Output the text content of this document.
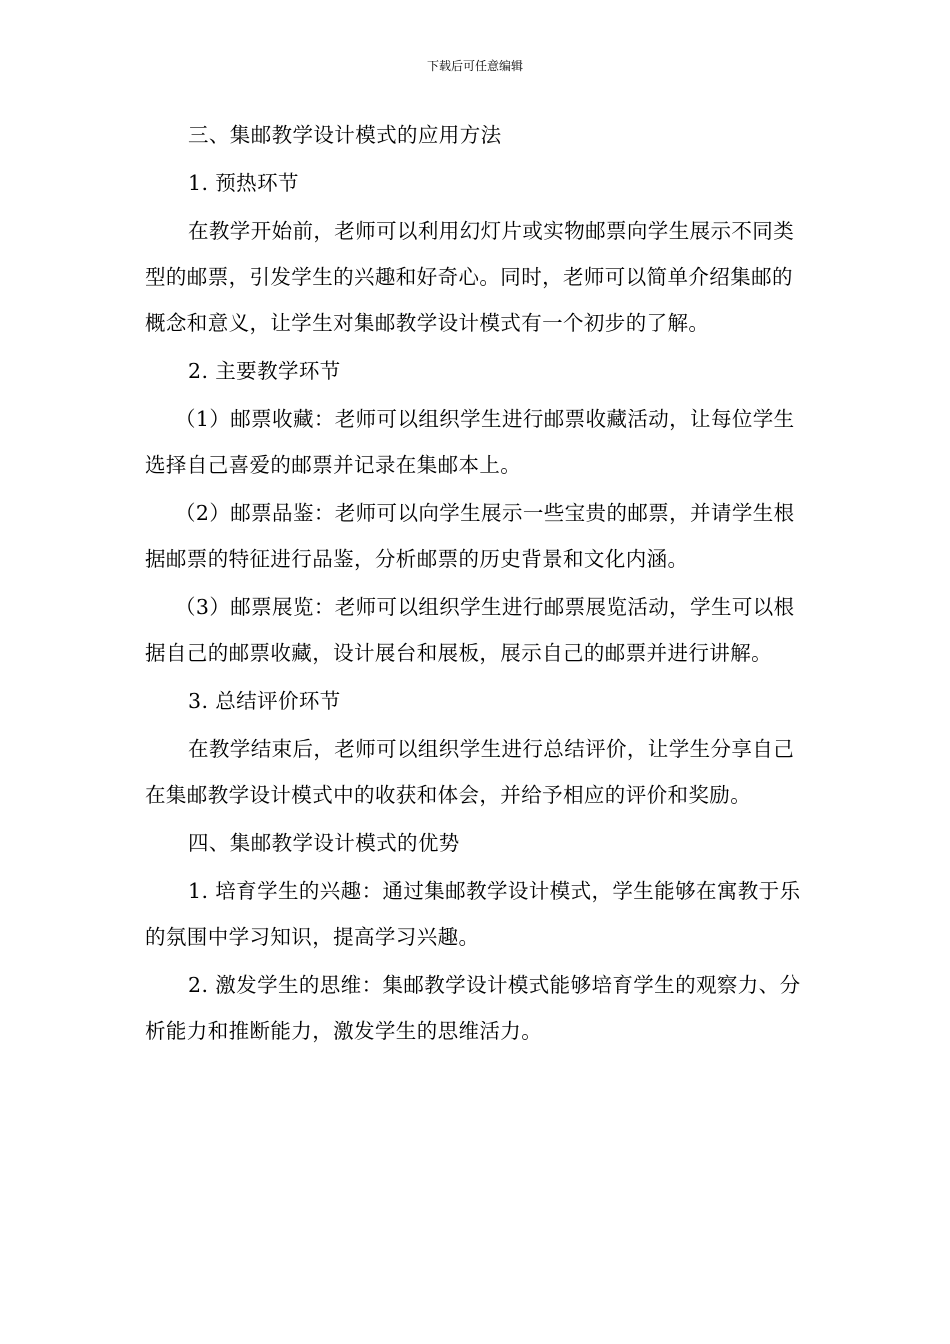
下载后可任意编辑

三、集邮教学设计模式的应用方法

1. 预热环节

在教学开始前，老师可以利用幻灯片或实物邮票向学生展示不同类型的邮票，引发学生的兴趣和好奇心。同时，老师可以简单介绍集邮的概念和意义，让学生对集邮教学设计模式有一个初步的了解。

2. 主要教学环节

（1）邮票收藏：老师可以组织学生进行邮票收藏活动，让每位学生选择自己喜爱的邮票并记录在集邮本上。

（2）邮票品鉴：老师可以向学生展示一些宝贵的邮票，并请学生根据邮票的特征进行品鉴，分析邮票的历史背景和文化内涵。

（3）邮票展览：老师可以组织学生进行邮票展览活动，学生可以根据自己的邮票收藏，设计展台和展板，展示自己的邮票并进行讲解。

3. 总结评价环节

在教学结束后，老师可以组织学生进行总结评价，让学生分享自己在集邮教学设计模式中的收获和体会，并给予相应的评价和奖励。

四、集邮教学设计模式的优势

1. 培育学生的兴趣：通过集邮教学设计模式，学生能够在寓教于乐的氛围中学习知识，提高学习兴趣。

2. 激发学生的思维：集邮教学设计模式能够培育学生的观察力、分析能力和推断能力，激发学生的思维活力。
